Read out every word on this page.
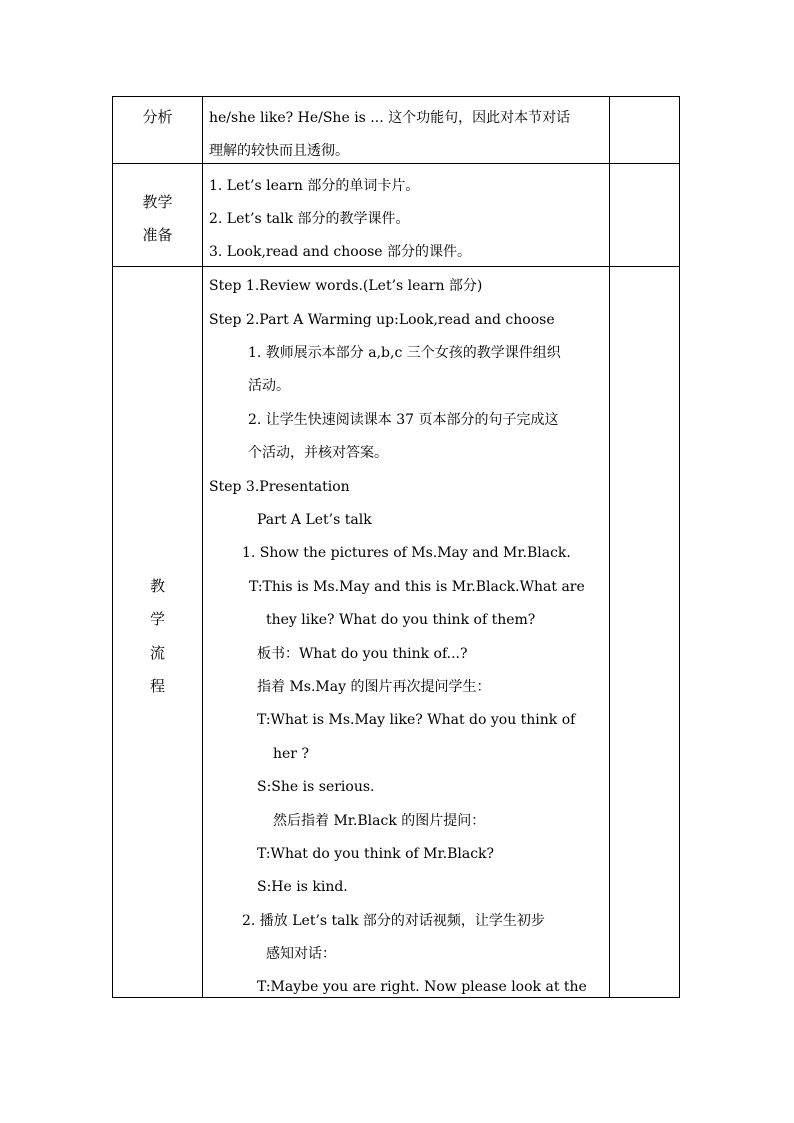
分析	he/she like? He/She is ... 这个功能句，因此对本节对话
理解的较快而且透彻。
教学
准备
1. Let’s learn 部分的单词卡片。
2. Let’s talk 部分的教学课件。
3. Look,read and choose 部分的课件。
教
学
流
程
Step 1.Review words.(Let’s learn 部分)
Step 2.Part A Warming up:Look,read and choose
1. 教师展示本部分 a,b,c 三个女孩的教学课件组织
活动。
2. 让学生快速阅读课本 37 页本部分的句子完成这
个活动，并核对答案。
Step 3.Presentation
Part A Let’s talk
1. Show the pictures of Ms.May and Mr.Black.
T:This is Ms.May and this is Mr.Black.What are
they like? What do you think of them?
板书：What do you think of...?
指着 Ms.May 的图片再次提问学生：
T:What is Ms.May like? What do you think of
her ?
S:She is serious.
然后指着 Mr.Black 的图片提问：
T:What do you think of Mr.Black?
S:He is kind.
2. 播放 Let’s talk 部分的对话视频，让学生初步
感知对话：
T:Maybe you are right. Now please look at the
